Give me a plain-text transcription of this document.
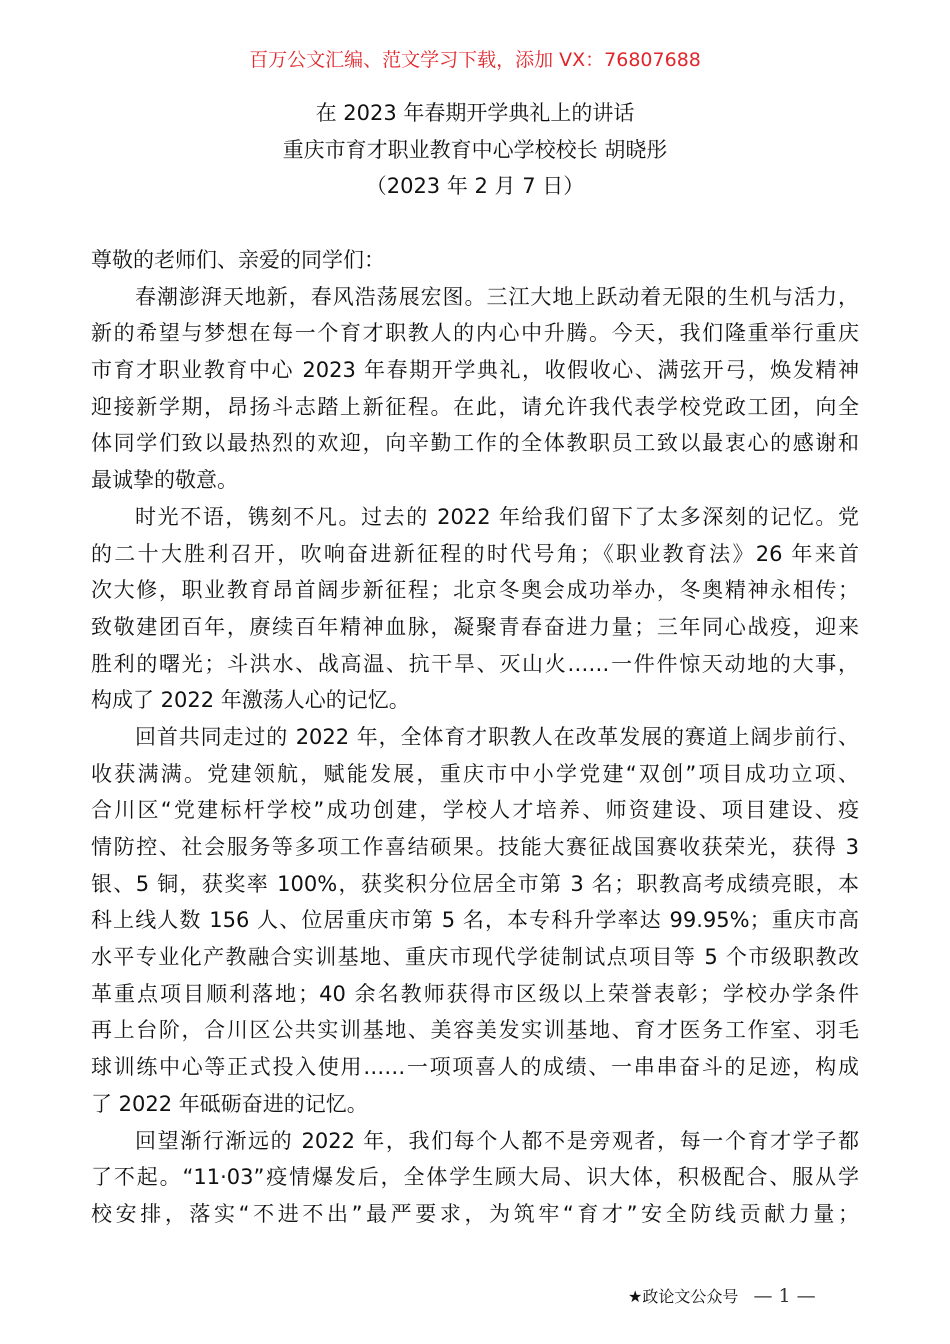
百万公文汇编、范文学习下载，添加 VX：76807688
在 2023 年春期开学典礼上的讲话
重庆市育才职业教育中心学校校长 胡晓彤
（2023 年 2 月 7 日）
尊敬的老师们、亲爱的同学们：
春潮澎湃天地新，春风浩荡展宏图。三江大地上跃动着无限的生机与活力，
新的希望与梦想在每一个育才职教人的内心中升腾。今天，我们隆重举行重庆
市育才职业教育中心 2023 年春期开学典礼，收假收心、满弦开弓，焕发精神
迎接新学期，昂扬斗志踏上新征程。在此，请允许我代表学校党政工团，向全
体同学们致以最热烈的欢迎，向辛勤工作的全体教职员工致以最衷心的感谢和
最诚挚的敬意。
时光不语，镌刻不凡。过去的 2022 年给我们留下了太多深刻的记忆。党
的二十大胜利召开，吹响奋进新征程的时代号角；《职业教育法》26 年来首
次大修，职业教育昂首阔步新征程；北京冬奥会成功举办，冬奥精神永相传；
致敬建团百年，赓续百年精神血脉，凝聚青春奋进力量；三年同心战疫，迎来
胜利的曙光；斗洪水、战高温、抗干旱、灭山火……一件件惊天动地的大事，
构成了 2022 年激荡人心的记忆。
回首共同走过的 2022 年，全体育才职教人在改革发展的赛道上阔步前行、
收获满满。党建领航，赋能发展，重庆市中小学党建“双创”项目成功立项、
合川区“党建标杆学校”成功创建，学校人才培养、师资建设、项目建设、疫
情防控、社会服务等多项工作喜结硕果。技能大赛征战国赛收获荣光，获得 3
银、5 铜，获奖率 100%，获奖积分位居全市第 3 名；职教高考成绩亮眼，本
科上线人数 156 人、位居重庆市第 5 名，本专科升学率达 99.95%；重庆市高
水平专业化产教融合实训基地、重庆市现代学徒制试点项目等 5 个市级职教改
革重点项目顺利落地；40 余名教师获得市区级以上荣誉表彰；学校办学条件
再上台阶，合川区公共实训基地、美容美发实训基地、育才医务工作室、羽毛
球训练中心等正式投入使用……一项项喜人的成绩、一串串奋斗的足迹，构成
了 2022 年砥砺奋进的记忆。
回望渐行渐远的 2022 年，我们每个人都不是旁观者，每一个育才学子都
了不起。“11·03”疫情爆发后，全体学生顾大局、识大体，积极配合、服从学
校安排，落实“不进不出”最严要求，为筑牢“育才”安全防线贡献力量；
★政论文公众号 — 1 —
